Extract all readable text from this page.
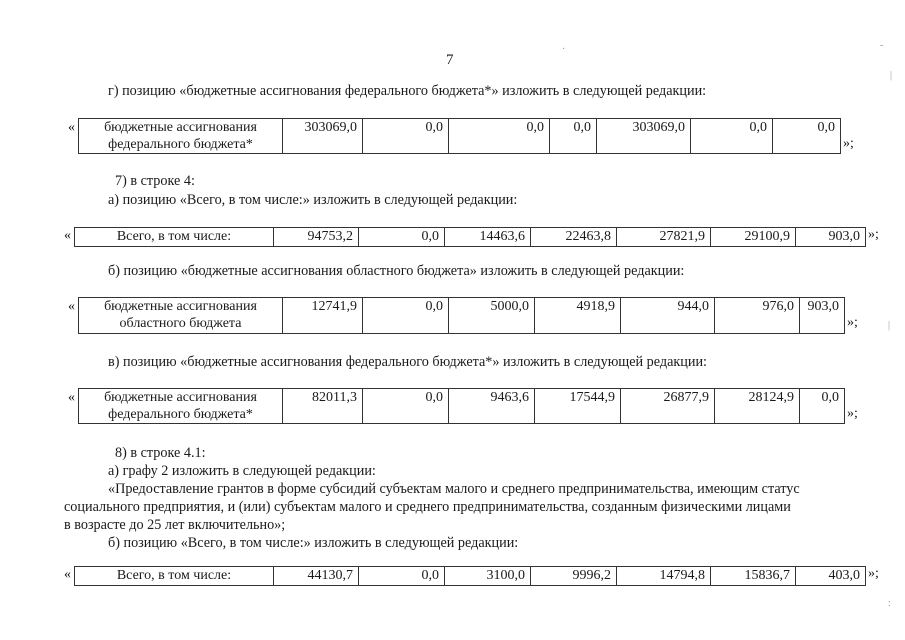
7
г) позицию «бюджетные ассигнования федерального бюджета*» изложить в следующей редакции:
«	бюджетные ассигнования
федерального бюджета*
	303069,0	0,0	0,0	0,0	303069,0	0,0	0,0
»;
7) в строке 4:
а) позицию «Всего, в том числе:» изложить в следующей редакции:
«	Всего, в том числе:	94753,2	0,0	14463,6	22463,8	27821,9	29100,9	903,0 »;
б) позицию «бюджетные ассигнования областного бюджета» изложить в следующей редакции:
«	бюджетные ассигнования
областного бюджета
	12741,9	0,0	5000,0	4918,9	944,0	976,0	903,0
»;
в) позицию «бюджетные ассигнования федерального бюджета*» изложить в следующей редакции:
«	бюджетные ассигнования
федерального бюджета*
	82011,3	0,0	9463,6	17544,9	26877,9	28124,9	0,0
»;
8) в строке 4.1:
а) графу 2 изложить в следующей редакции:
«Предоставление грантов в форме субсидий субъектам малого и среднего предпринимательства, имеющим статус
социального предприятия, и (или) субъектам малого и среднего предпринимательства, созданным физическими лицами
в возрасте до 25 лет включительно»;
б) позицию «Всего, в том числе:» изложить в следующей редакции:
«	Всего, в том числе:	44130,7	0,0	3100,0	9996,2	14794,8	15836,7	403,0 »;
·	-
|
|
:
